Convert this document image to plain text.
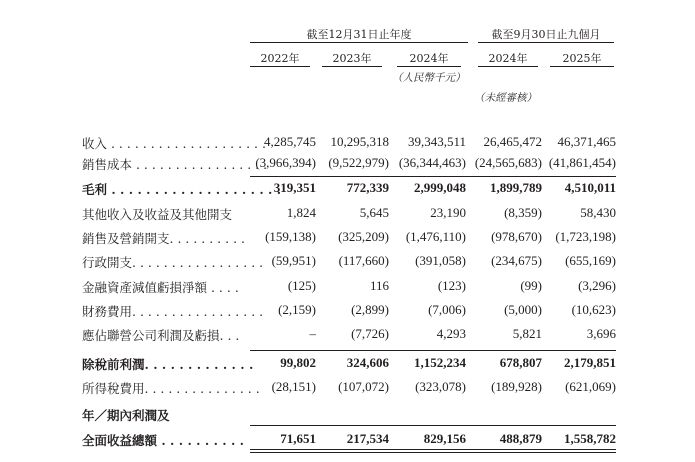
截至12月31日止年度	截至9月30日止九個月
2022年	2023年	2024年	2024年	2025年
（人民幣千元）
（未經審核）
收入 . . . . . . . . . . . . . . . . . . . .
4,285,745	10,295,318	39,343,511	26,465,472	46,371,465
銷售成本 . . . . . . . . . . . . . . . . .
(3,966,394) (9,522,979) (36,344,463) (24,565,683) (41,861,454)
毛利 . . . . . . . . . . . . . . . . . . . .
319,351	772,339	2,999,048	1,899,789	4,510,011
其他收入及收益及其他開支	1,824	5,645	23,190	(8,359)	58,430
銷售及營銷開支. . . . . . . . . .	(159,138)	(325,209)	(1,476,110)	(978,670)	(1,723,198)
行政開支. . . . . . . . . . . . . . . . . (59,951)	(117,660)	(391,058)	(234,675)	(655,169)
金融資產減值虧損淨額 . . . .	(125)	116	(123)	(99)	(3,296)
財務費用. . . . . . . . . . . . . . . . .	(2,159)	(2,899)	(7,006)	(5,000)	(10,623)
應佔聯營公司利潤及虧損. . .	–	(7,726)	4,293	5,821	3,696
除稅前利潤. . . . . . . . . . . . .	99,802	324,606	1,152,234	678,807	2,179,851
所得稅費用. . . . . . . . . . . . . . . (28,151)	(107,072)	(323,078)	(189,928)	(621,069)
年／期內利潤及
全面收益總額 . . . . . . . . . .	71,651	217,534	829,156	488,879	1,558,782
